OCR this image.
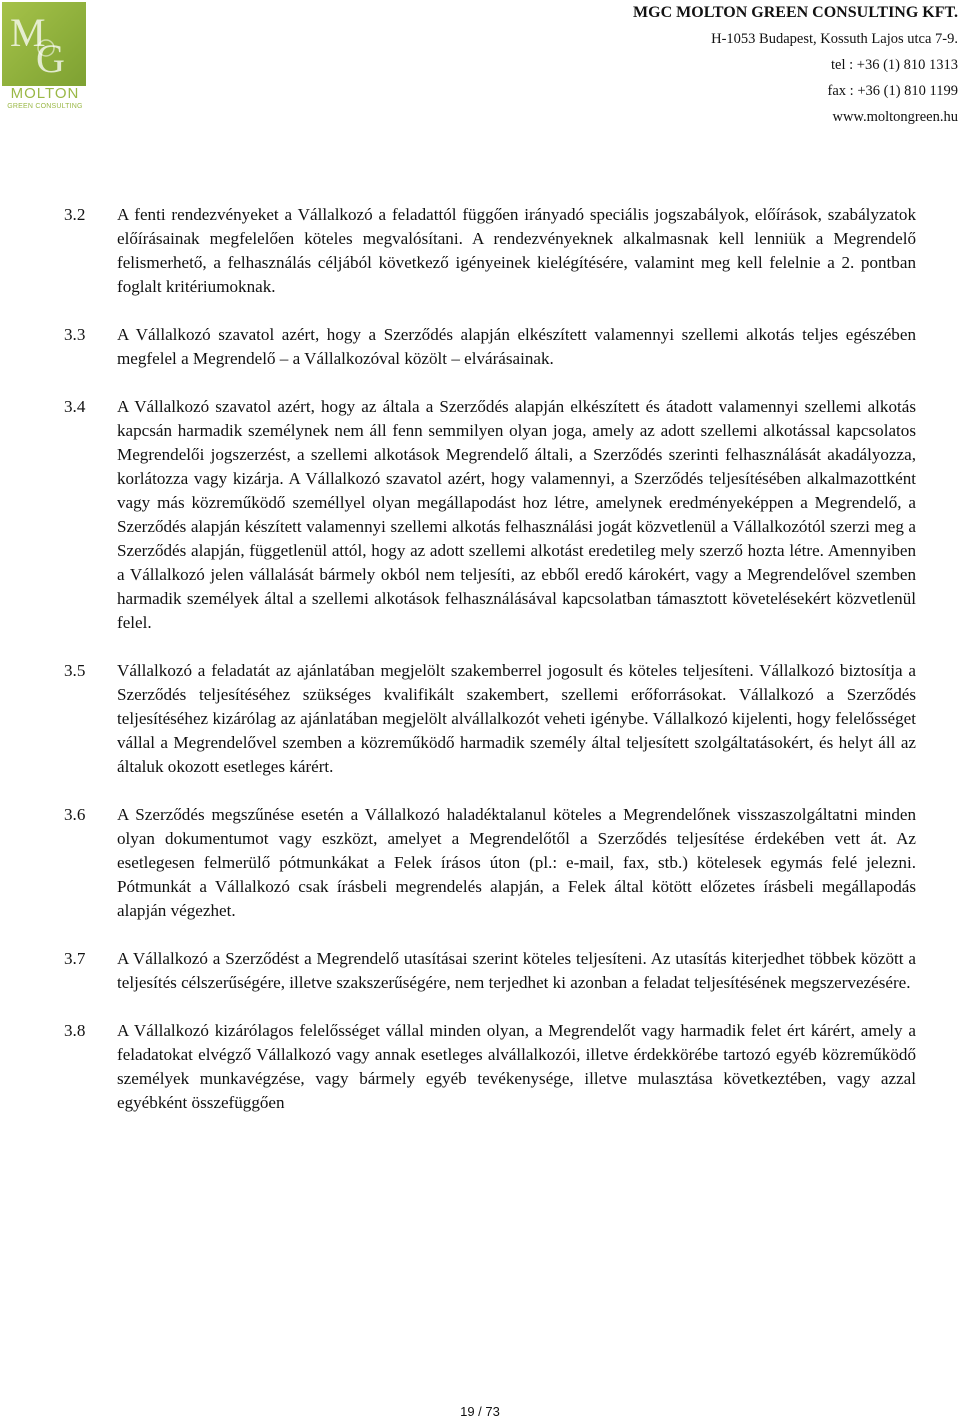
M
G
MOLTON
GREEN CONSULTING
MGC MOLTON GREEN CONSULTING KFT.
H-1053 Budapest, Kossuth Lajos utca 7-9.
tel : +36 (1) 810 1313
fax : +36 (1) 810 1199
www.moltongreen.hu
3.2	A fenti rendezvényeket a Vállalkozó a feladattól függően irányadó speciális jogszabályok, előírások, szabályzatok előírásainak megfelelően köteles megvalósítani. A rendezvényeknek alkalmasnak kell lenniük a Megrendelő felismerhető, a felhasználás céljából következő igényeinek kielégítésére, valamint meg kell felelnie a 2. pontban foglalt kritériumoknak.
3.3	A Vállalkozó szavatol azért, hogy a Szerződés alapján elkészített valamennyi szellemi alkotás teljes egészében megfelel a Megrendelő – a Vállalkozóval közölt – elvárásainak.
3.4	A Vállalkozó szavatol azért, hogy az általa a Szerződés alapján elkészített és átadott valamennyi szellemi alkotás kapcsán harmadik személynek nem áll fenn semmilyen olyan joga, amely az adott szellemi alkotással kapcsolatos Megrendelői jogszerzést, a szellemi alkotások Megrendelő általi, a Szerződés szerinti felhasználását akadályozza, korlátozza vagy kizárja. A Vállalkozó szavatol azért, hogy valamennyi, a Szerződés teljesítésében alkalmazottként vagy más közreműködő személlyel olyan megállapodást hoz létre, amelynek eredményeképpen a Megrendelő, a Szerződés alapján készített valamennyi szellemi alkotás felhasználási jogát közvetlenül a Vállalkozótól szerzi meg a Szerződés alapján, függetlenül attól, hogy az adott szellemi alkotást eredetileg mely szerző hozta létre. Amennyiben a Vállalkozó jelen vállalását bármely okból nem teljesíti, az ebből eredő károkért, vagy a Megrendelővel szemben harmadik személyek által a szellemi alkotások felhasználásával kapcsolatban támasztott követelésekért közvetlenül felel.
3.5	Vállalkozó a feladatát az ajánlatában megjelölt szakemberrel jogosult és köteles teljesíteni. Vállalkozó biztosítja a Szerződés teljesítéséhez szükséges kvalifikált szakembert, szellemi erőforrásokat. Vállalkozó a Szerződés teljesítéséhez kizárólag az ajánlatában megjelölt alvállalkozót veheti igénybe. Vállalkozó kijelenti, hogy felelősséget vállal a Megrendelővel szemben a közreműködő harmadik személy által teljesített szolgáltatásokért, és helyt áll az általuk okozott esetleges kárért.
3.6	A Szerződés megszűnése esetén a Vállalkozó haladéktalanul köteles a Megrendelőnek visszaszolgáltatni minden olyan dokumentumot vagy eszközt, amelyet a Megrendelőtől a Szerződés teljesítése érdekében vett át. Az esetlegesen felmerülő pótmunkákat a Felek írásos úton (pl.: e-mail, fax, stb.) kötelesek egymás felé jelezni. Pótmunkát a Vállalkozó csak írásbeli megrendelés alapján, a Felek által kötött előzetes írásbeli megállapodás alapján végezhet.
3.7	A Vállalkozó a Szerződést a Megrendelő utasításai szerint köteles teljesíteni. Az utasítás kiterjedhet többek között a teljesítés célszerűségére, illetve szakszerűségére, nem terjedhet ki azonban a feladat teljesítésének megszervezésére.
3.8	A Vállalkozó kizárólagos felelősséget vállal minden olyan, a Megrendelőt vagy harmadik felet ért kárért, amely a feladatokat elvégző Vállalkozó vagy annak esetleges alvállalkozói, illetve érdekkörébe tartozó egyéb közreműködő személyek munkavégzése, vagy bármely egyéb tevékenysége, illetve mulasztása következtében, vagy azzal egyébként összefüggően
19 / 73
